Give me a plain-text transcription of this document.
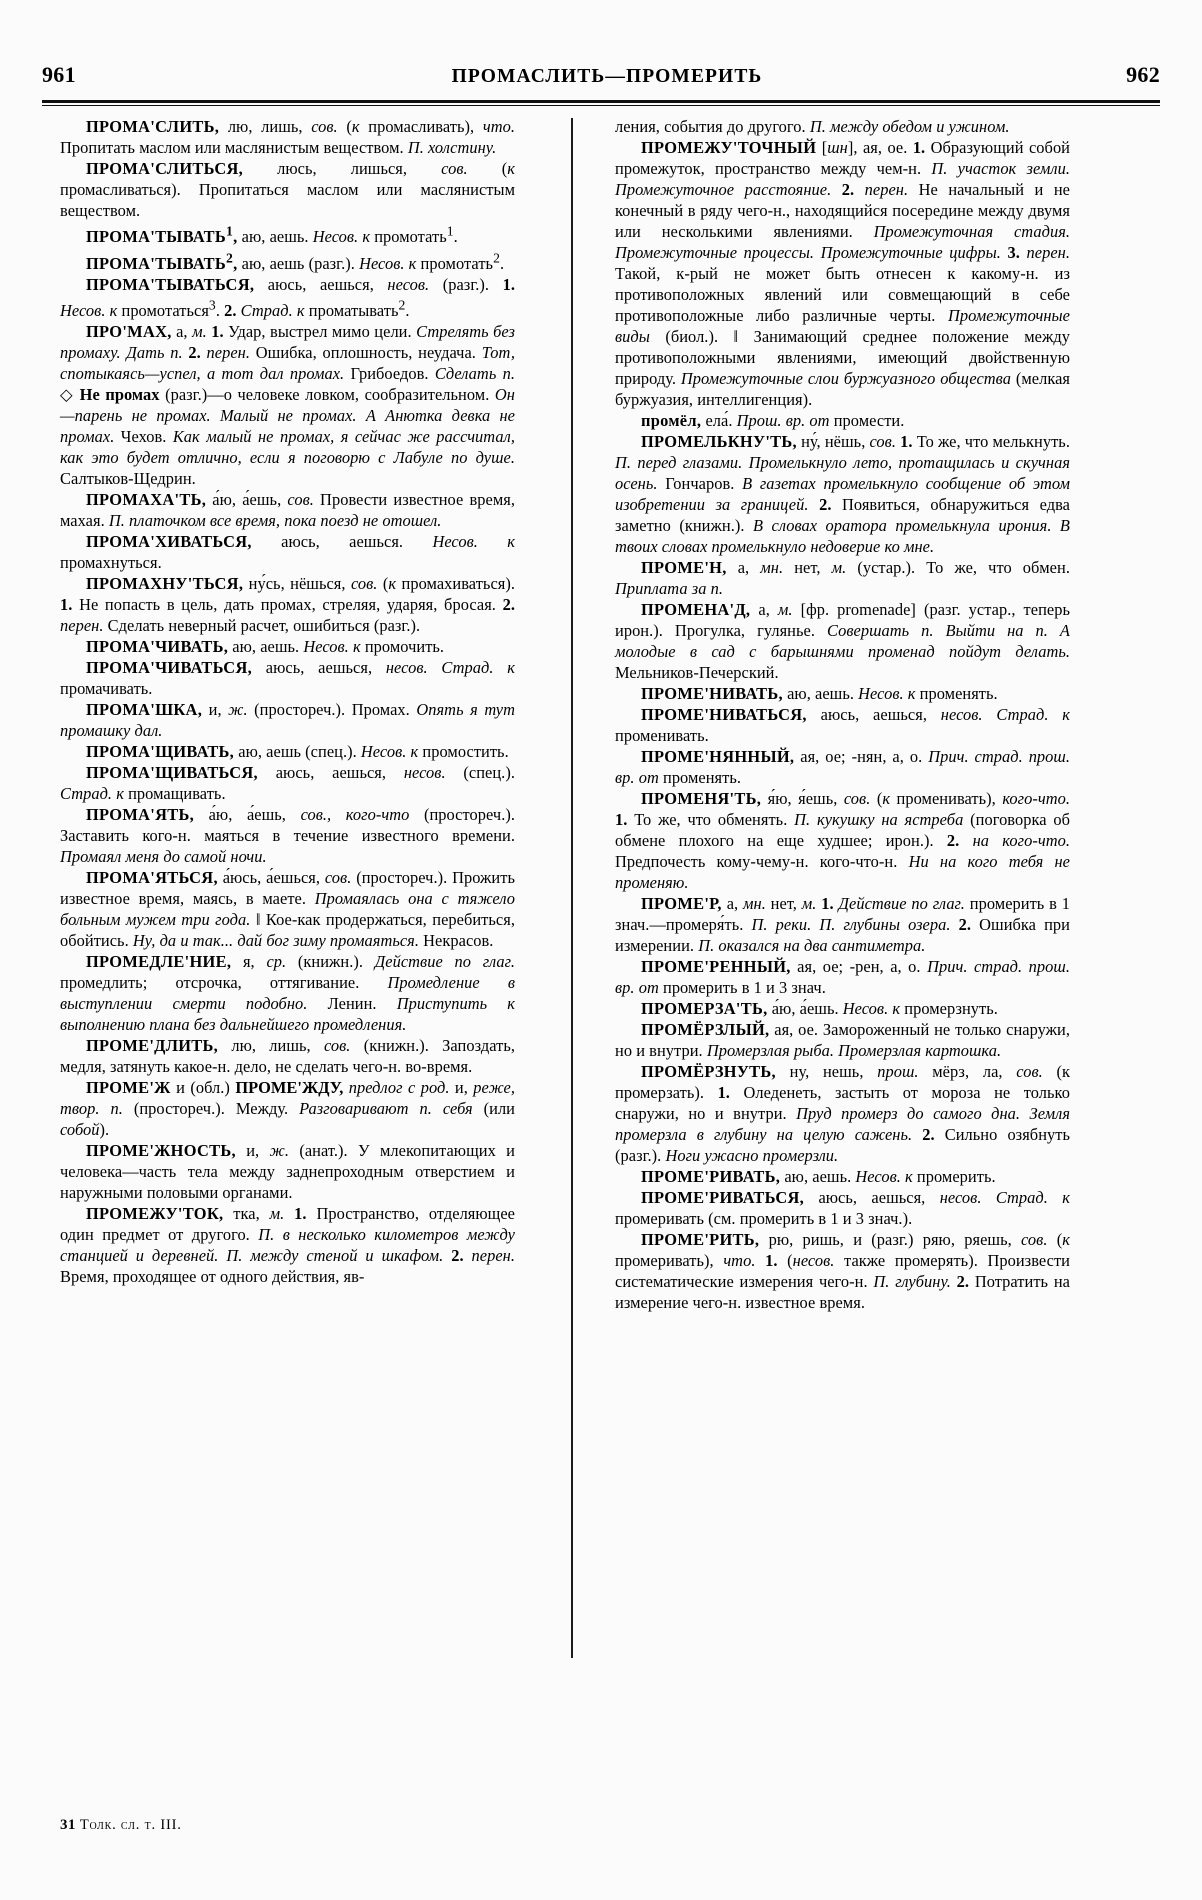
961	ПРОМАСЛИТЬ—ПРОМЕРИТЬ	962

ПРОМА'СЛИТЬ, лю, лишь, сов. (к промасливать), что. Пропитать маслом или маслянистым веществом. П. холстину.

ПРОМА'СЛИТЬСЯ, люсь, лишься, сов. (к промасливаться). Пропитаться маслом или маслянистым веществом.

ПРОМА'ТЫВАТЬ$^1$, аю, аешь. Несов. к промотать$^1$.

ПРОМА'ТЫВАТЬ$^2$, аю, аешь (разг.). Несов. к промотать$^2$.

ПРОМА'ТЫВАТЬСЯ, аюсь, аешься, несов. (разг.). 1. Несов. к промотаться$^3$. 2. Страд. к проматывать$^2$.

ПРО'МАХ, а, м. 1. Удар, выстрел мимо цели. Стрелять без промаху. Дать п. 2. перен. Ошибка, оплошность, неудача. Тот, спотыкаясь—успел, а тот дал промах. Грибоедов. Сделать п. ◇ Не промах (разг.)—о человеке ловком, сообразительном. Он—парень не промах. Малый не промах. А Анютка девка не промах. Чехов. Как малый не промах, я сейчас же рассчитал, как это будет отлично, если я поговорю с Лабуле по душе. Салтыков-Щедрин.

ПРОМАХА'ТЬ, а́ю, а́ешь, сов. Провести известное время, махая. П. платочком все время, пока поезд не отошел.

ПРОМА'ХИВАТЬСЯ, аюсь, аешься. Несов. к промахнуться.

ПРОМАХНУ'ТЬСЯ, ну́сь, нёшься, сов. (к промахиваться). 1. Не попасть в цель, дать промах, стреляя, ударяя, бросая. 2. перен. Сделать неверный расчет, ошибиться (разг.).

ПРОМА'ЧИВАТЬ, аю, аешь. Несов. к промочить.

ПРОМА'ЧИВАТЬСЯ, аюсь, аешься, несов. Страд. к промачивать.

ПРОМА'ШКА, и, ж. (простореч.). Промах. Опять я тут промашку дал.

ПРОМА'ЩИВАТЬ, аю, аешь (спец.). Несов. к промостить.

ПРОМА'ЩИВАТЬСЯ, аюсь, аешься, несов. (спец.). Страд. к промащивать.

ПРОМА'ЯТЬ, а́ю, а́ешь, сов., кого-что (простореч.). Заставить кого-н. маяться в течение известного времени. Промаял меня до самой ночи.

ПРОМА'ЯТЬСЯ, а́юсь, а́ешься, сов. (простореч.). Прожить известное время, маясь, в маете. Промаялась она с тяжело больным мужем три года. ‖ Кое-как продержаться, перебиться, обойтись. Ну, да и так... дай бог зиму промаяться. Некрасов.

ПРОМЕДЛЕ'НИЕ, я, ср. (книжн.). Действие по глаг. промедлить; отсрочка, оттягивание. Промедление в выступлении смерти подобно. Ленин. Приступить к выполнению плана без дальнейшего промедления.

ПРОМЕ'ДЛИТЬ, лю, лишь, сов. (книжн.). Запоздать, медля, затянуть какое-н. дело, не сделать чего-н. во-время.

ПРОМЕ'Ж и (обл.) ПРОМЕ'ЖДУ, предлог с род. и, реже, твор. п. (простореч.). Между. Разговаривают п. себя (или собой).

ПРОМЕ'ЖНОСТЬ, и, ж. (анат.). У млекопитающих и человека—часть тела между заднепроходным отверстием и наружными половыми органами.

ПРОМЕЖУ'ТОК, тка, м. 1. Пространство, отделяющее один предмет от другого. П. в несколько километров между станцией и деревней. П. между стеной и шкафом. 2. перен. Время, проходящее от одного действия, яв-

ления, события до другого. П. между обедом и ужином.

ПРОМЕЖУ'ТОЧНЫЙ [шн], ая, ое. 1. Образующий собой промежуток, пространство между чем-н. П. участок земли. Промежуточное расстояние. 2. перен. Не начальный и не конечный в ряду чего-н., находящийся посередине между двумя или несколькими явлениями. Промежуточная стадия. Промежуточные процессы. Промежуточные цифры. 3. перен. Такой, к-рый не может быть отнесен к какому-н. из противоположных явлений или совмещающий в себе противоположные либо различные черты. Промежуточные виды (биол.). ‖ Занимающий среднее положение между противоположными явлениями, имеющий двойственную природу. Промежуточные слои буржуазного общества (мелкая буржуазия, интеллигенция).

промёл, ела́. Прош. вр. от промести.

ПРОМЕЛЬКНУ'ТЬ, ну́, нёшь, сов. 1. То же, что мелькнуть. П. перед глазами. Промелькнуло лето, протащилась и скучная осень. Гончаров. В газетах промелькнуло сообщение об этом изобретении за границей. 2. Появиться, обнаружиться едва заметно (книжн.). В словах оратора промелькнула ирония. В твоих словах промелькнуло недоверие ко мне.

ПРОМЕ'Н, а, мн. нет, м. (устар.). То же, что обмен. Приплата за п.

ПРОМЕНА'Д, а, м. [фр. promenade] (разг. устар., теперь ирон.). Прогулка, гулянье. Совершать п. Выйти на п. А молодые в сад с барышнями променад пойдут делать. Мельников-Печерский.

ПРОМЕ'НИВАТЬ, аю, аешь. Несов. к променять.

ПРОМЕ'НИВАТЬСЯ, аюсь, аешься, несов. Страд. к променивать.

ПРОМЕ'НЯННЫЙ, ая, ое; -нян, а, о. Прич. страд. прош. вр. от променять.

ПРОМЕНЯ'ТЬ, я́ю, я́ешь, сов. (к променивать), кого-что. 1. То же, что обменять. П. кукушку на ястреба (поговорка об обмене плохого на еще худшее; ирон.). 2. на кого-что. Предпочесть кому-чему-н. кого-что-н. Ни на кого тебя не променяю.

ПРОМЕ'Р, а, мн. нет, м. 1. Действие по глаг. промерить в 1 знач.—промеря́ть. П. реки. П. глубины озера. 2. Ошибка при измерении. П. оказался на два сантиметра.

ПРОМЕ'РЕННЫЙ, ая, ое; -рен, а, о. Прич. страд. прош. вр. от промерить в 1 и 3 знач.

ПРОМЕРЗА'ТЬ, а́ю, а́ешь. Несов. к промерзнуть.

ПРОМЁРЗЛЫЙ, ая, ое. Замороженный не только снаружи, но и внутри. Промерзлая рыба. Промерзлая картошка.

ПРОМЁРЗНУТЬ, ну, нешь, прош. мёрз, ла, сов. (к промерзать). 1. Оледенеть, застыть от мороза не только снаружи, но и внутри. Пруд промерз до самого дна. Земля промерзла в глубину на целую сажень. 2. Сильно озябнуть (разг.). Ноги ужасно промерзли.

ПРОМЕ'РИВАТЬ, аю, аешь. Несов. к промерить.

ПРОМЕ'РИВАТЬСЯ, аюсь, аешься, несов. Страд. к промеривать (см. промерить в 1 и 3 знач.).

ПРОМЕ'РИТЬ, рю, ришь, и (разг.) ряю, ряешь, сов. (к промеривать), что. 1. (несов. также промерять). Произвести систематические измерения чего-н. П. глубину. 2. Потратить на измерение чего-н. известное время.

31 Толк. сл. т. III.
